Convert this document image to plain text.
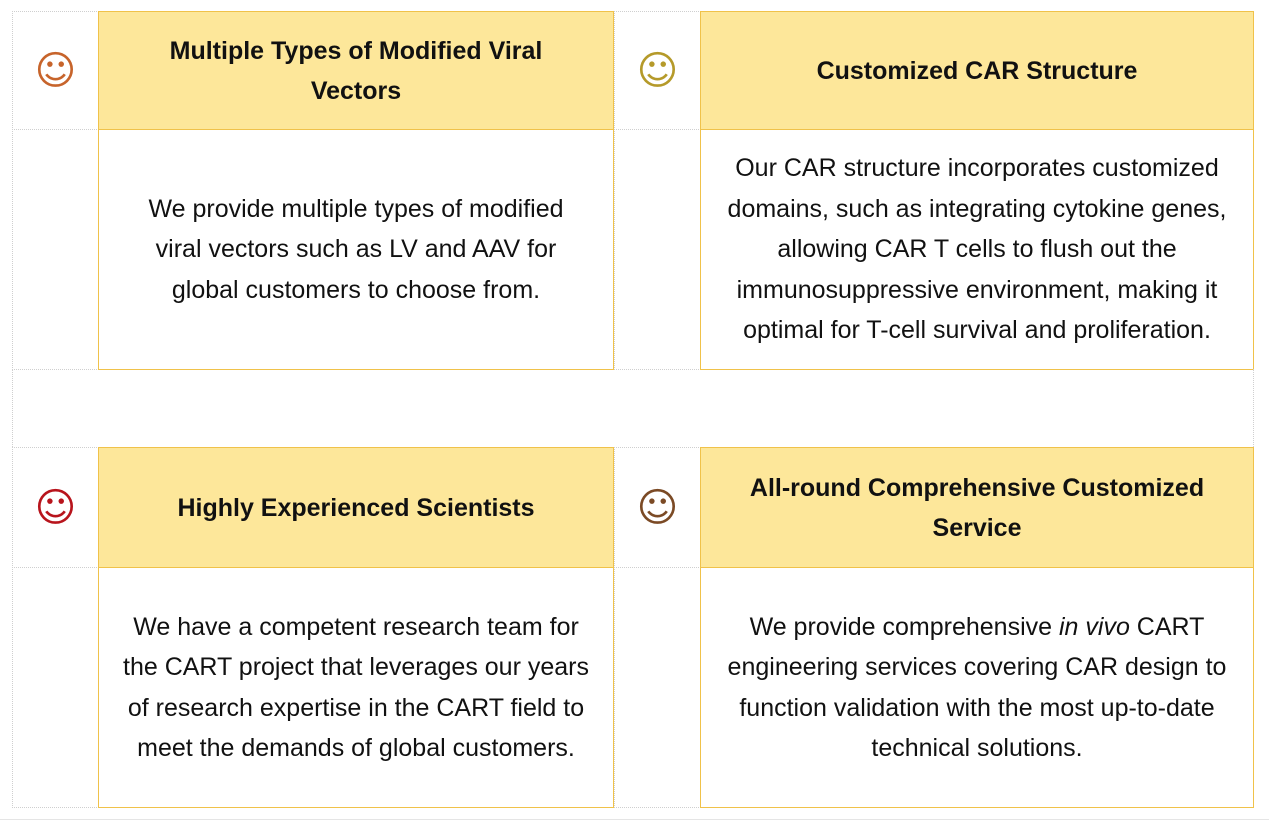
☺	Multiple Types of Modified Viral Vectors	☺	Customized CAR Structure
We provide multiple types of modified viral vectors such as LV and AAV for global customers to choose from.
Our CAR structure incorporates customized domains, such as integrating cytokine genes, allowing CAR T cells to flush out the immunosuppressive environment, making it optimal for T-cell survival and proliferation.
☺	Highly Experienced Scientists	☺	All-round Comprehensive Customized Service
We have a competent research team for the CART project that leverages our years of research expertise in the CART field to meet the demands of global customers.
We provide comprehensive in vivo CART engineering services covering CAR design to function validation with the most up-to-date technical solutions.
